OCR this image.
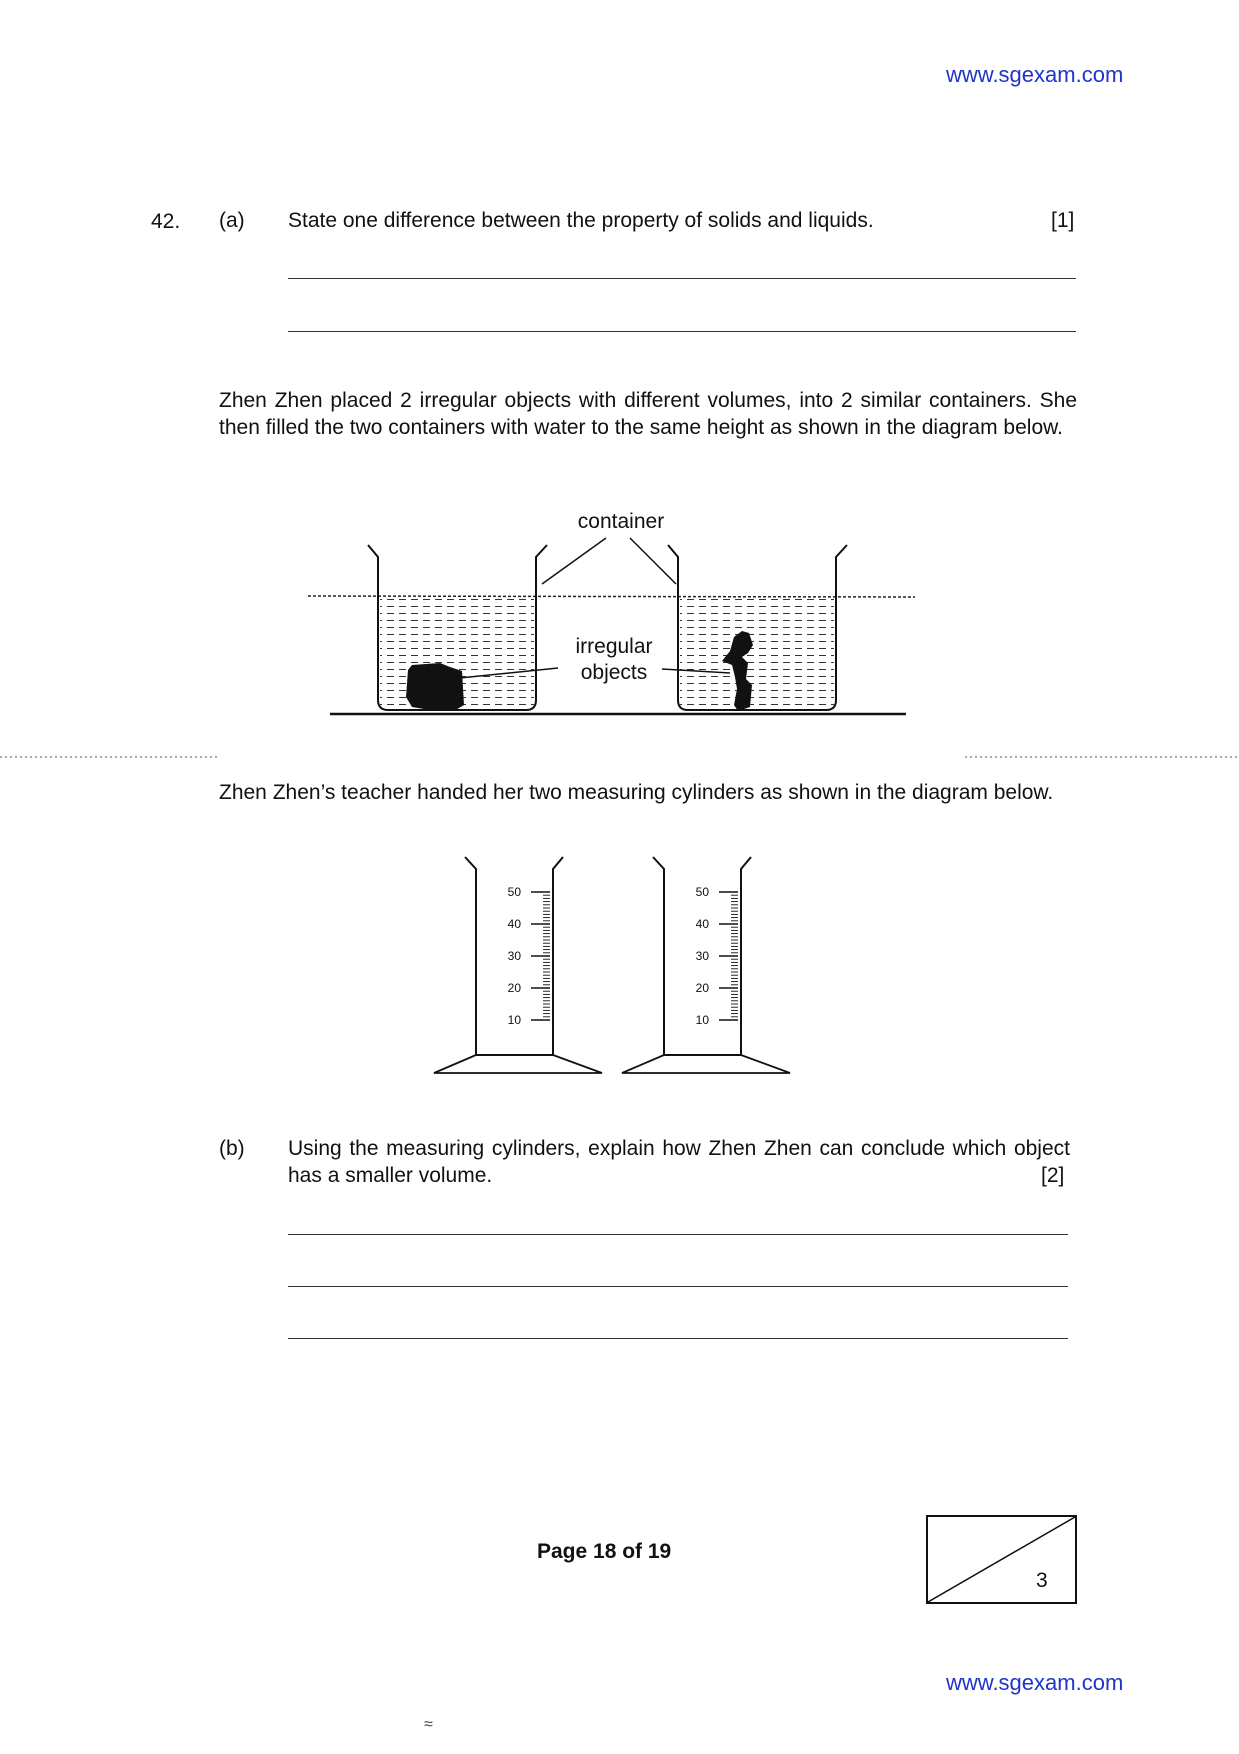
www.sgexam.com
42. (a) State one difference between the property of solids and liquids.	[1]
Zhen Zhen placed 2 irregular objects with different volumes, into 2 similar containers. She then filled the two containers with water to the same height as shown in the diagram below.
container
irregular
objects
Zhen Zhen’s teacher handed her two measuring cylinders as shown in the diagram below.
50
40
30
20
10
50
40
30
20
10
(b) Using the measuring cylinders, explain how Zhen Zhen can conclude which object has a smaller volume.	[2]
Page 18 of 19
3
www.sgexam.com
≈
